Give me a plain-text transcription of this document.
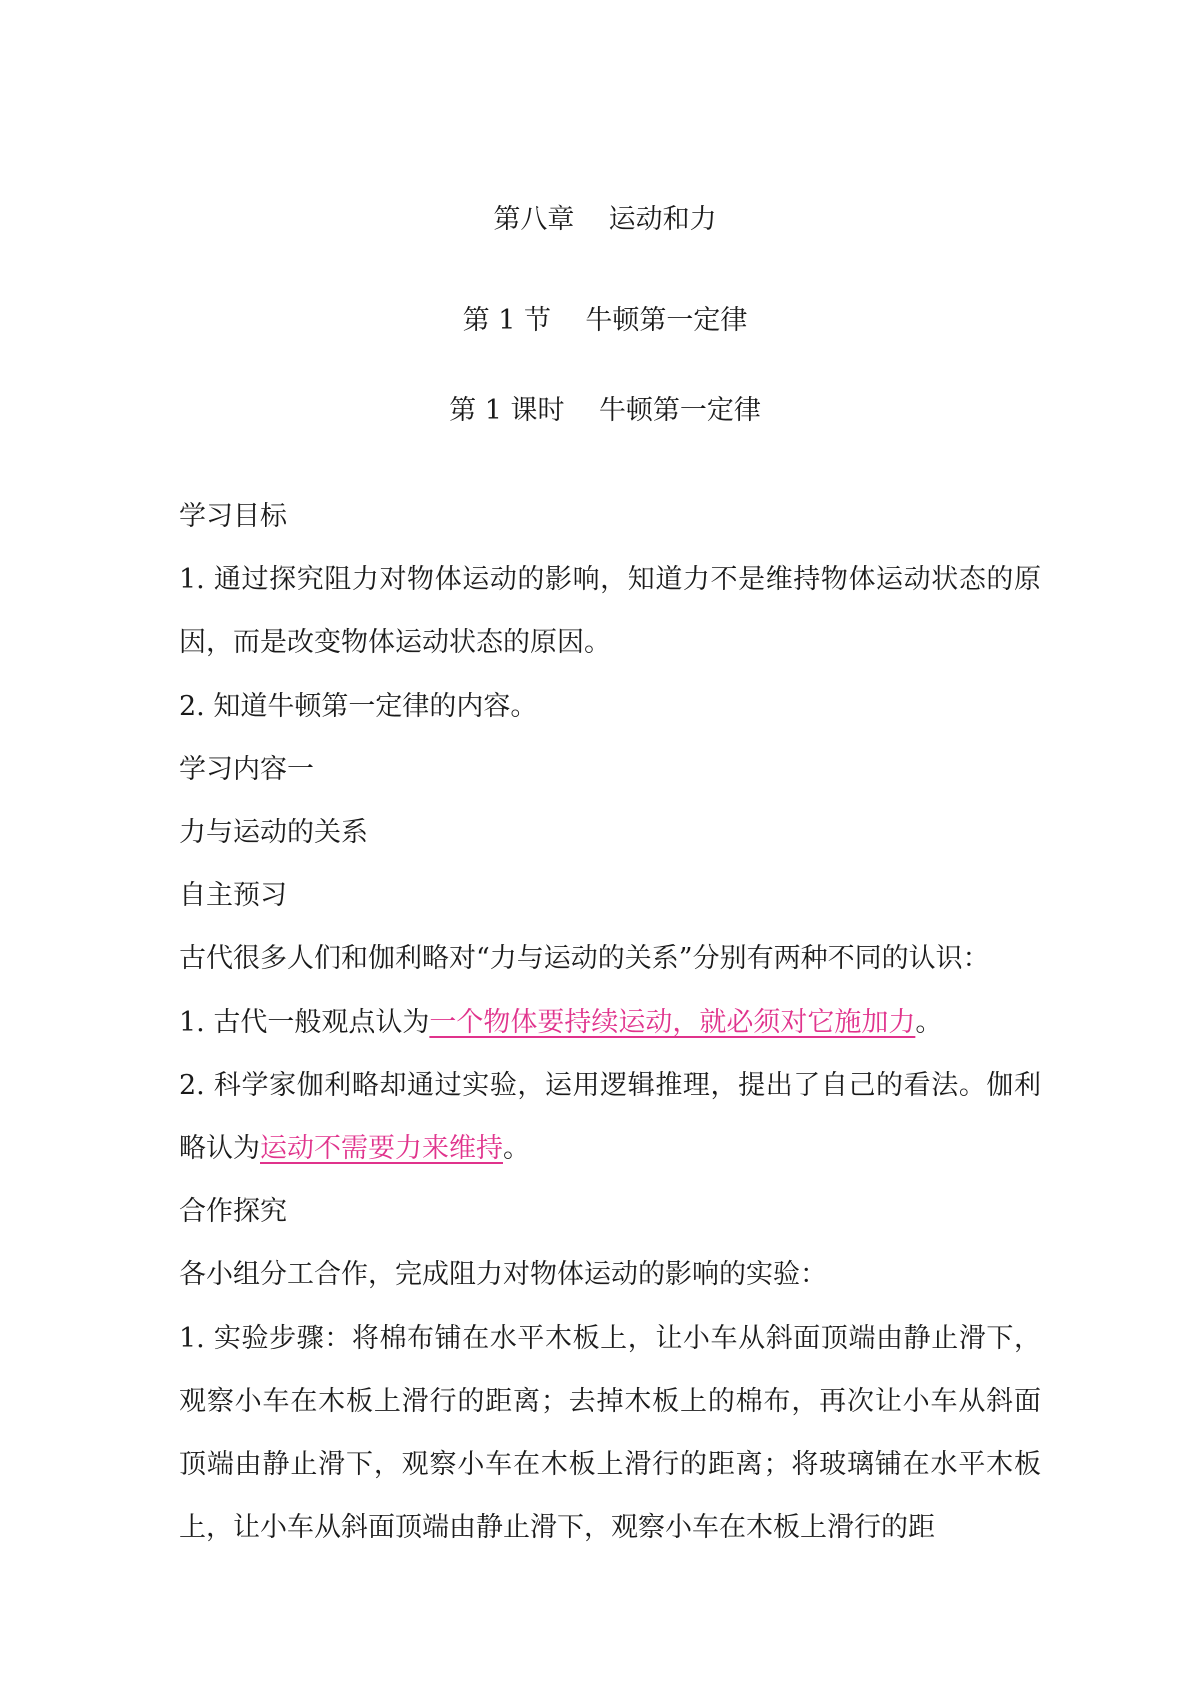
第八章    运动和力
第 1 节    牛顿第一定律
第 1 课时    牛顿第一定律

学习目标

1. 通过探究阻力对物体运动的影响，知道力不是维持物体运动状态的原因，而是改变物体运动状态的原因。

2. 知道牛顿第一定律的内容。

学习内容一

力与运动的关系

自主预习

古代很多人们和伽利略对“力与运动的关系”分别有两种不同的认识：

1. 古代一般观点认为一个物体要持续运动，就必须对它施加力。

2. 科学家伽利略却通过实验，运用逻辑推理，提出了自己的看法。伽利略认为运动不需要力来维持。

合作探究

各小组分工合作，完成阻力对物体运动的影响的实验：

1. 实验步骤：将棉布铺在水平木板上，让小车从斜面顶端由静止滑下，观察小车在木板上滑行的距离；去掉木板上的棉布，再次让小车从斜面顶端由静止滑下，观察小车在木板上滑行的距离；将玻璃铺在水平木板上，让小车从斜面顶端由静止滑下，观察小车在木板上滑行的距
